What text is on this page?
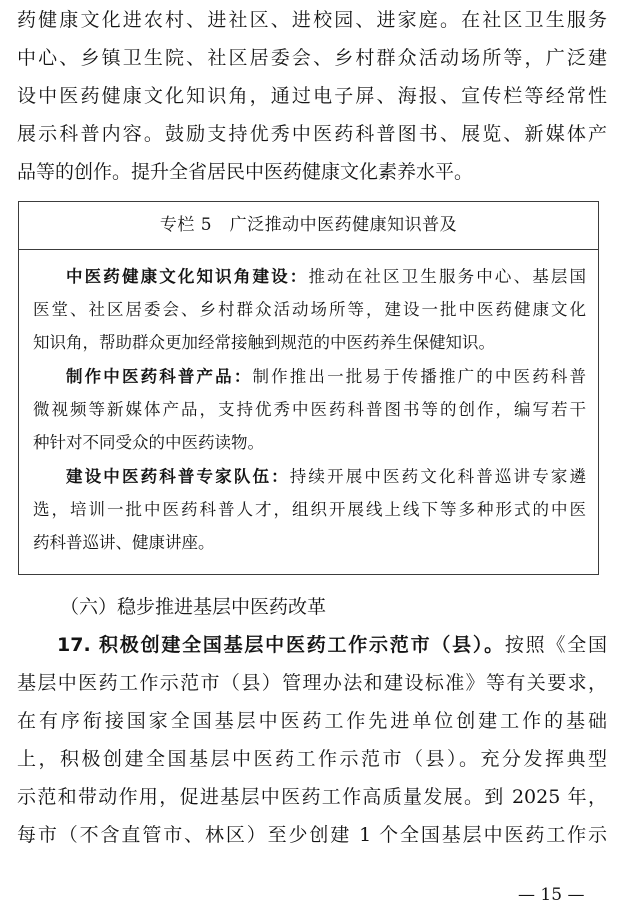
药健康文化进农村、进社区、进校园、进家庭。在社区卫生服务
中心、乡镇卫生院、社区居委会、乡村群众活动场所等，广泛建
设中医药健康文化知识角，通过电子屏、海报、宣传栏等经常性
展示科普内容。鼓励支持优秀中医药科普图书、展览、新媒体产
品等的创作。提升全省居民中医药健康文化素养水平。
专栏 5　广泛推动中医药健康知识普及
中医药健康文化知识角建设：推动在社区卫生服务中心、基层国
医堂、社区居委会、乡村群众活动场所等，建设一批中医药健康文化
知识角，帮助群众更加经常接触到规范的中医药养生保健知识。
制作中医药科普产品：制作推出一批易于传播推广的中医药科普
微视频等新媒体产品，支持优秀中医药科普图书等的创作，编写若干
种针对不同受众的中医药读物。
建设中医药科普专家队伍：持续开展中医药文化科普巡讲专家遴
选，培训一批中医药科普人才，组织开展线上线下等多种形式的中医
药科普巡讲、健康讲座。
（六）稳步推进基层中医药改革
17. 积极创建全国基层中医药工作示范市（县）。按照《全国
基层中医药工作示范市（县）管理办法和建设标准》等有关要求，
在有序衔接国家全国基层中医药工作先进单位创建工作的基础
上，积极创建全国基层中医药工作示范市（县）。充分发挥典型
示范和带动作用，促进基层中医药工作高质量发展。到 2025 年，
每市（不含直管市、林区）至少创建 1 个全国基层中医药工作示
— 15 —
